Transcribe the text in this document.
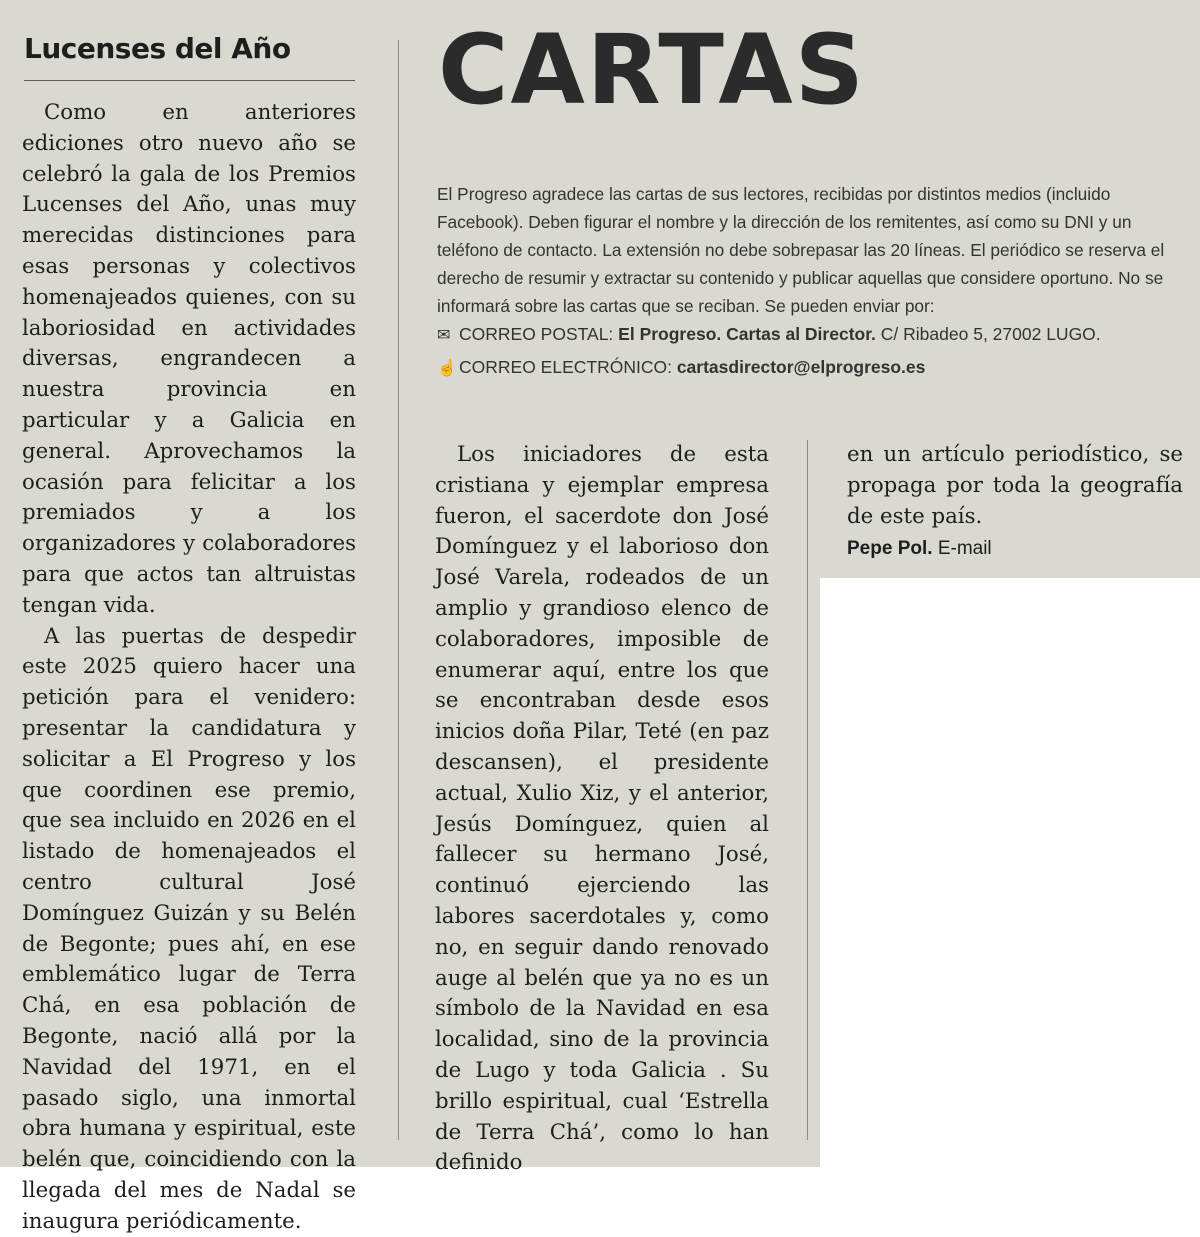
Lucenses del Año CARTAS

El Progreso agradece las cartas de sus lectores, recibidas por distintos medios (incluido Facebook). Deben figurar el nombre y la dirección de los remitentes, así como su DNI y un teléfono de contacto. La extensión no debe sobrepasar las 20 líneas. El periódico se reserva el derecho de resumir y extractar su contenido y publicar aquellas que considere oportuno. No se informará sobre las cartas que se reciban. Se pueden enviar por:

✉ CORREO POSTAL: El Progreso. Cartas al Director. C/ Ribadeo 5, 27002 LUGO.
☝ CORREO ELECTRÓNICO: cartasdirector@elprogreso.es

Como en anteriores ediciones otro nuevo año se celebró la gala de los Premios Lucenses del Año, unas muy merecidas distinciones para esas personas y colectivos homenajeados quienes, con su laboriosidad en actividades diversas, engrandecen a nuestra provincia en particular y a Galicia en general. Aprovechamos la ocasión para felicitar a los premiados y a los organizadores y colaboradores para que actos tan altruistas tengan vida.

A las puertas de despedir este 2025 quiero hacer una petición para el venidero: presentar la candidatura y solicitar a El Progreso y los que coordinen ese premio, que sea incluido en 2026 en el listado de homenajeados el centro cultural José Domínguez Guizán y su Belén de Begonte; pues ahí, en ese emblemático lugar de Terra Chá, en esa población de Begonte, nació allá por la Navidad del 1971, en el pasado siglo, una inmortal obra humana y espiritual, este belén que, coincidiendo con la llegada del mes de Nadal se inaugura periódicamente.

Los iniciadores de esta cristiana y ejemplar empresa fueron, el sacerdote don José Domínguez y el laborioso don José Varela, rodeados de un amplio y grandioso elenco de colaboradores, imposible de enumerar aquí, entre los que se encontraban desde esos inicios doña Pilar, Teté (en paz descansen), el presidente actual, Xulio Xiz, y el anterior, Jesús Domínguez, quien al fallecer su hermano José, continuó ejerciendo las labores sacerdotales y, como no, en seguir dando renovado auge al belén que ya no es un símbolo de la Navidad en esa localidad, sino de la provincia de Lugo y toda Galicia . Su brillo espiritual, cual ‘Estrella de Terra Chá’, como lo han definido

en un artículo periodístico, se propaga por toda la geografía de este país.

Pepe Pol. E-mail
